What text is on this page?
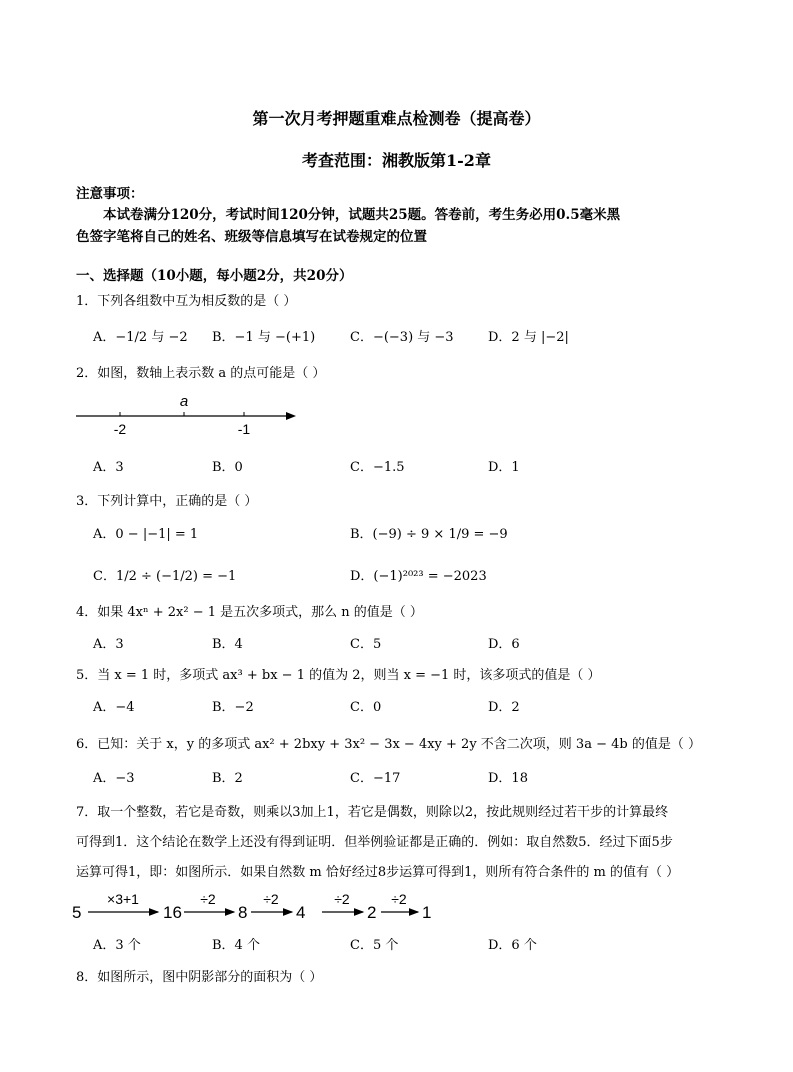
第一次月考押题重难点检测卷（提高卷）
考查范围：湘教版第1-2章
注意事项：
本试卷满分120分，考试时间120分钟，试题共25题。答卷前，考生务必用0.5毫米黑
色签字笔将自己的姓名、班级等信息填写在试卷规定的位置
一、选择题（10小题，每小题2分，共20分）
1．下列各组数中互为相反数的是（ ）
A．−1/2 与 −2 B．−1 与 −(+1)	C．−(−3) 与 −3	D．2 与 |−2|
2．如图，数轴上表示数 a 的点可能是（ ）
a
-2	-1
A．3	B．0	C．−1.5	D．1
3．下列计算中，正确的是（ ）
A．0 − |−1| = 1	B．(−9) ÷ 9 × 1/9 = −9
C．1/2 ÷ (−1/2) = −1	D．(−1)²⁰²³ = −2023
4．如果 4xⁿ + 2x² − 1 是五次多项式，那么 n 的值是（ ）
A．3	B．4	C．5	D．6
5．当 x = 1 时，多项式 ax³ + bx − 1 的值为 2，则当 x = −1 时，该多项式的值是（ ）
A．−4	B．−2	C．0	D．2
6．已知：关于 x，y 的多项式 ax² + 2bxy + 3x² − 3x − 4xy + 2y 不含二次项，则 3a − 4b 的值是（ ）
A．−3	B．2	C．−17	D．18
7．取一个整数，若它是奇数，则乘以3加上1，若它是偶数，则除以2，按此规则经过若干步的计算最终
可得到1．这个结论在数学上还没有得到证明．但举例验证都是正确的．例如：取自然数5．经过下面5步
运算可得1，即：如图所示．如果自然数 m 恰好经过8步运算可得到1，则所有符合条件的 m 的值有（ ）
5
×3+1
16
÷2
8
÷2
4
÷2
2
÷2
1
A．3 个	B．4 个	C．5 个	D．6 个
8．如图所示，图中阴影部分的面积为（ ）
